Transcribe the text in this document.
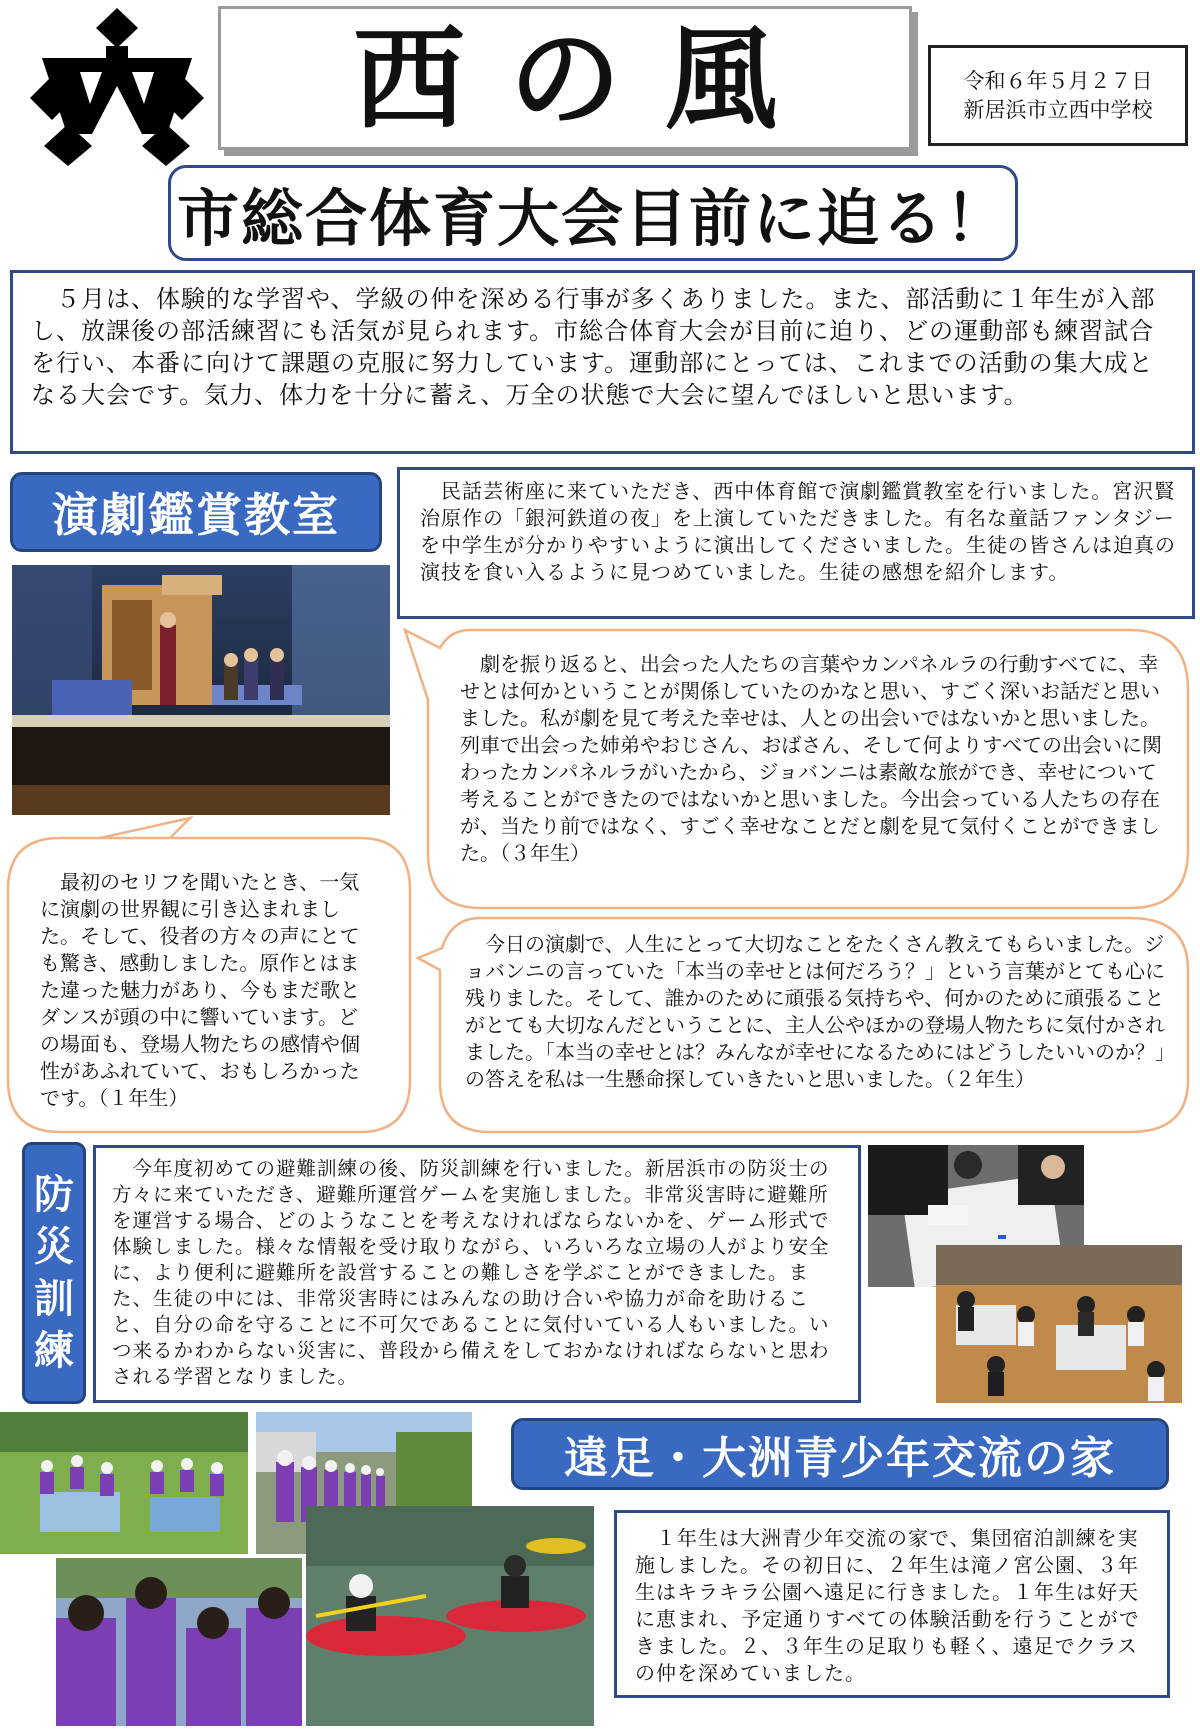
西の風	令和６年５月２７日
新居浜市立西中学校
市総合体育大会目前に迫る！
　５月は、体験的な学習や、学級の仲を深める行事が多くありました。また、部活動に１年生が入部し、放課後の部活練習にも活気が見られます。市総合体育大会が目前に迫り、どの運動部も練習試合を行い、本番に向けて課題の克服に努力しています。運動部にとっては、これまでの活動の集大成となる大会です。気力、体力を十分に蓄え、万全の状態で大会に望んでほしいと思います。
演劇鑑賞教室	　民話芸術座に来ていただき、西中体育館で演劇鑑賞教室を行いました。宮沢賢治原作の「銀河鉄道の夜」を上演していただきました。有名な童話ファンタジーを中学生が分かりやすいように演出してくださいました。生徒の皆さんは迫真の演技を食い入るように見つめていました。生徒の感想を紹介します。
　劇を振り返ると、出会った人たちの言葉やカンパネルラの行動すべてに、幸せとは何かということが関係していたのかなと思い、すごく深いお話だと思いました。私が劇を見て考えた幸せは、人との出会いではないかと思いました。列車で出会った姉弟やおじさん、おばさん、そして何よりすべての出会いに関わったカンパネルラがいたから、ジョバンニは素敵な旅ができ、幸せについて考えることができたのではないかと思いました。今出会っている人たちの存在が、当たり前ではなく、すごく幸せなことだと劇を見て気付くことができました。（３年生）
　最初のセリフを聞いたとき、一気に演劇の世界観に引き込まれました。そして、役者の方々の声にとても驚き、感動しました。原作とはまた違った魅力があり、今もまだ歌とダンスが頭の中に響いています。どの場面も、登場人物たちの感情や個性があふれていて、おもしろかったです。（１年生）
　今日の演劇で、人生にとって大切なことをたくさん教えてもらいました。ジョバンニの言っていた「本当の幸せとは何だろう？」という言葉がとても心に残りました。そして、誰かのために頑張る気持ちや、何かのために頑張ることがとても大切なんだということに、主人公やほかの登場人物たちに気付かされました。「本当の幸せとは？みんなが幸せになるためにはどうしたいいのか？」の答えを私は一生懸命探していきたいと思いました。（２年生）
防
災
訓
練
　今年度初めての避難訓練の後、防災訓練を行いました。新居浜市の防災士の方々に来ていただき、避難所運営ゲームを実施しました。非常災害時に避難所を運営する場合、どのようなことを考えなければならないかを、ゲーム形式で体験しました。様々な情報を受け取りながら、いろいろな立場の人がより安全に、より便利に避難所を設営することの難しさを学ぶことができました。また、生徒の中には、非常災害時にはみんなの助け合いや協力が命を助けること、自分の命を守ることに不可欠であることに気付いている人もいました。いつ来るかわからない災害に、普段から備えをしておかなければならないと思わされる学習となりました。
遠足・大洲青少年交流の家
　１年生は大洲青少年交流の家で、集団宿泊訓練を実施しました。その初日に、２年生は滝ノ宮公園、３年生はキラキラ公園へ遠足に行きました。１年生は好天に恵まれ、予定通りすべての体験活動を行うことができました。２、３年生の足取りも軽く、遠足でクラスの仲を深めていました。
